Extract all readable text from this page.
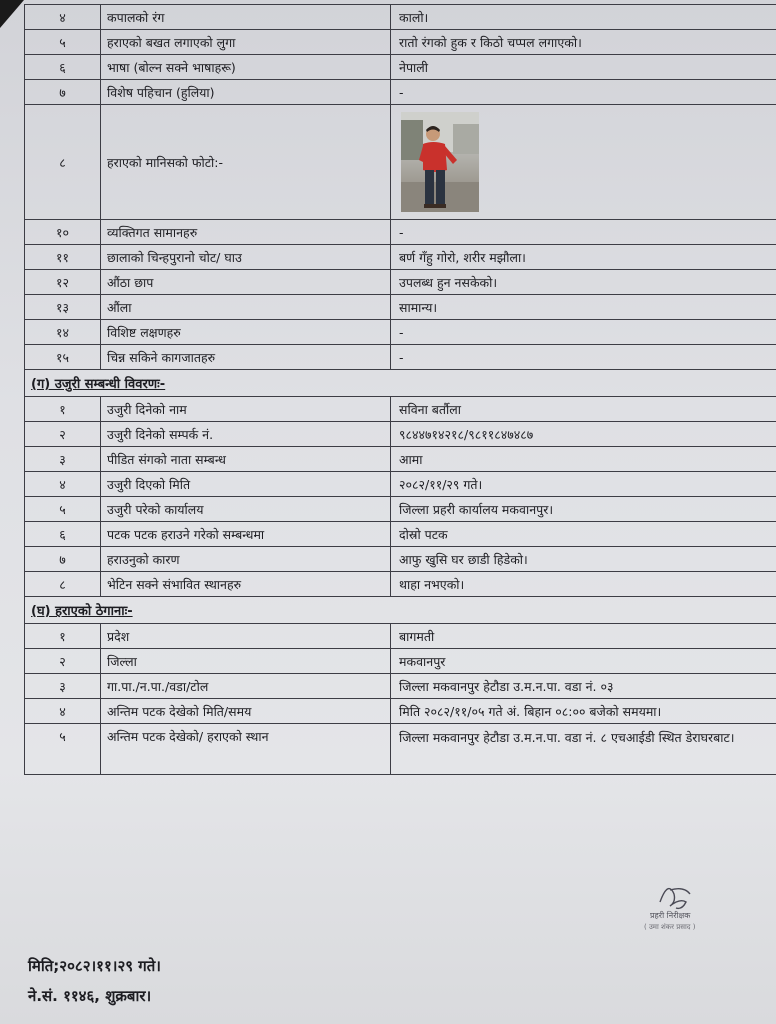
४	कपालको रंग	कालो।
५	हराएको बखत लगाएको लुगा	रातो रंगको हुक र किठो चप्पल लगाएको।
६	भाषा (बोल्न सक्ने भाषाहरू)	नेपाली
७	विशेष पहिचान (हुलिया)	-
८	हराएको मानिसको फोटो:-	

१०	व्यक्तिगत सामानहरु	-
११	छालाको चिन्हपुरानो चोट/ घाउ	बर्ण गँहु गोरो, शरीर मझौला।
१२	औंठा छाप	उपलब्ध हुन नसकेको।
१३	औंला	सामान्य।
१४	विशिष्ट लक्षणहरु	-
१५	चिन्न सकिने कागजातहरु	-
(ग) उजुरी सम्बन्धी विवरणः-		
१	उजुरी दिनेको नाम	सविना बर्तौला
२	उजुरी दिनेको सम्पर्क नं.	९८४४७१४२१८/९८११८४७४८७
३	पीडित संगको नाता सम्बन्ध	आमा
४	उजुरी दिएको मिति	२०८२/११/२९ गते।
५	उजुरी परेको कार्यालय	जिल्ला प्रहरी कार्यालय मकवानपुर।
६	पटक पटक हराउने गरेको सम्बन्धमा	दोस्रो पटक
७	हराउनुको कारण	आफु खुसि घर छाडी हिडेको।
८	भेटिन सक्ने संभावित स्थानहरु	थाहा नभएको।
(घ) हराएको ठेगानाः-		
१	प्रदेश	बागमती
२	जिल्ला	मकवानपुर
३	गा.पा./न.पा./वडा/टोल	जिल्ला मकवानपुर हेटौडा उ.म.न.पा. वडा नं. ०३
४	अन्तिम पटक देखेको मिति/समय	मिति २०८२/११/०५ गते अं. बिहान ०८:०० बजेको समयमा।
५	अन्तिम पटक देखेको/ हराएको स्थान	जिल्ला मकवानपुर हेटौडा उ.म.न.पा. वडा नं. ८ एचआईडी स्थित डेराघरबाट।
प्रहरी निरीक्षक
( उमा शंकर प्रसाद )
मिति;२०८२।११।२९ गते।
ने.सं. ११४६, शुक्रबार।
